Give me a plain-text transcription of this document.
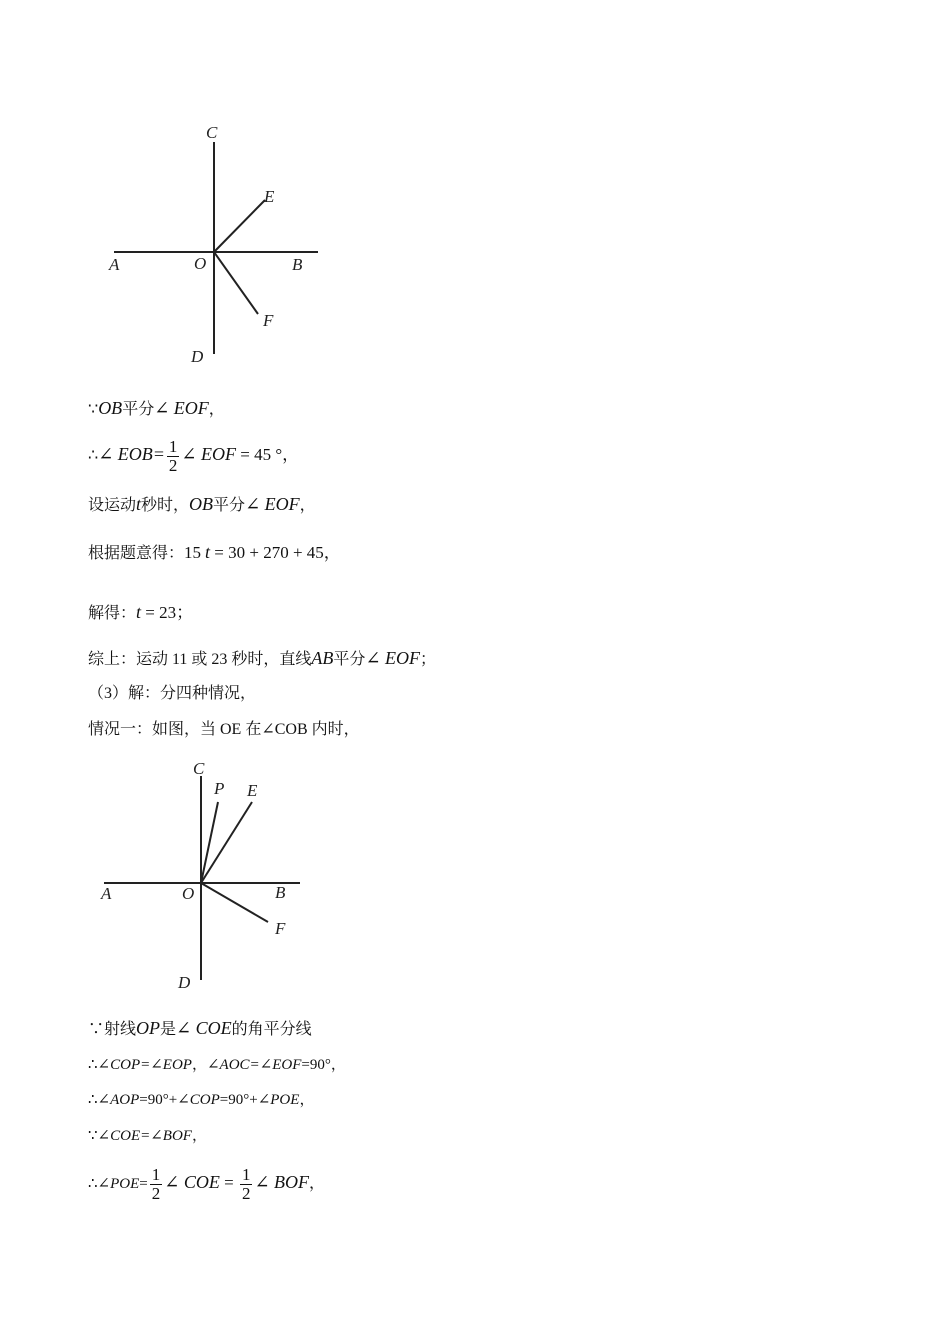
C
E
A	O	B
F
D
∵OB平分∠ EOF，
∴∠ $EOB= \frac{1}{2}$ ∠ EOF = 45 °，
设运动t秒时，OB平分∠ EOF，
根据题意得：15 t = 30 + 270 + 45，
解得：t = 23；
综上：运动 11 或 23 秒时，直线AB平分∠ EOF；
（3）解：分四种情况，
情况一：如图，当 OE 在∠COB 内时，
C
P E
A	O	B
F
D
∵射线OP是∠ COE的角平分线
∴∠COP=∠EOP，∠AOC=∠EOF=90°，
∴∠AOP=90°+∠COP=90°+∠POE，
∵∠COE=∠BOF，
∴∠POE= $\frac{1}{2}$ ∠ COE = $\frac{1}{2}$ ∠ BOF，
